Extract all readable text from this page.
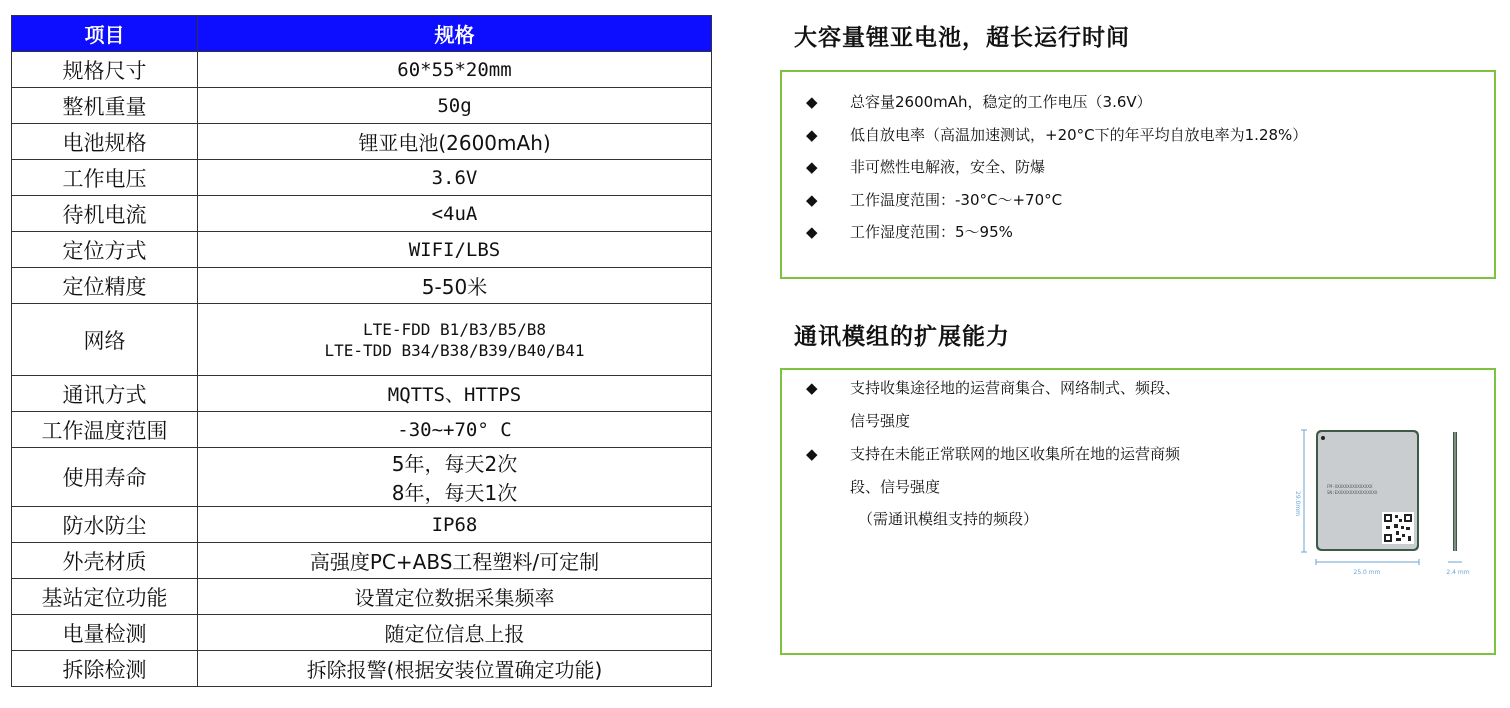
项目	规格
规格尺寸	60*55*20mm

整机重量	50g

电池规格	锂亚电池(2600mAh)

工作电压	3.6V

待机电流	<4uA

定位方式	WIFI/LBS

定位精度	5-50米

网络	LTE-FDD B1/B3/B5/B8
LTE-TDD B34/B38/B39/B40/B41

通讯方式	MQTTS、HTTPS

工作温度范围	-30~+70° C

使用寿命	5年，每天2次
8年，每天1次

防水防尘	IP68

外壳材质	高强度PC+ABS工程塑料/可定制

基站定位功能	设置定位数据采集频率

电量检测	随定位信息上报

拆除检测	拆除报警(根据安装位置确定功能)
大容量锂亚电池，超长运行时间
◆ 总容量2600mAh，稳定的工作电压（3.6V）
◆ 低自放电率（高温加速测试，+20°C下的年平均自放电率为1.28%）
◆ 非可燃性电解液，安全、防爆
◆ 工作温度范围：-30°C～+70°C
◆ 工作湿度范围：5～95%
通讯模组的扩展能力
◆ 支持收集途径地的运营商集合、网络制式、频段、
信号强度
◆ 支持在未能正常联网的地区收集所在地的运营商频
段、信号强度
（需通讯模组支持的频段）
29.0mm
FM-XXXXXXXXXXXXXXX
SN:EXXXXXXXXXXXXXXXX
25.0 mm	2.4 mm
